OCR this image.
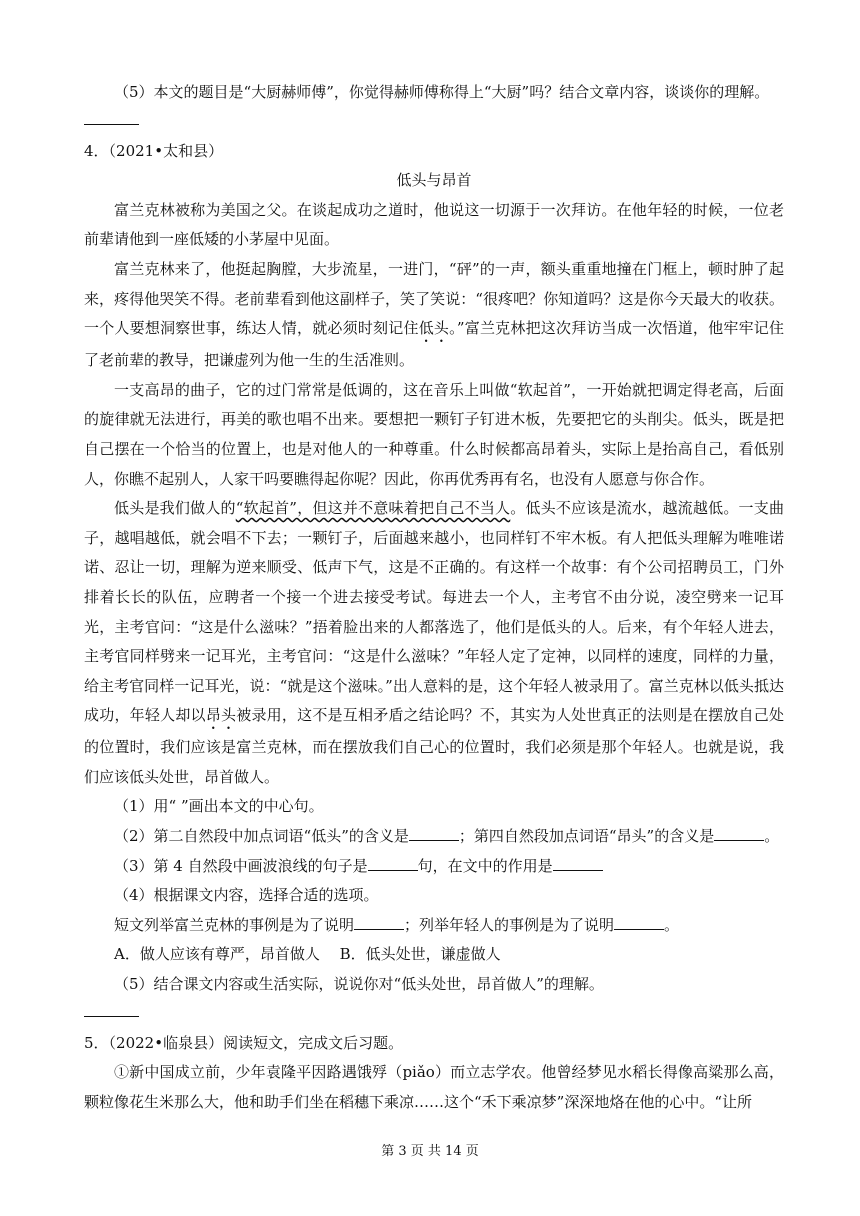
（5）本文的题目是“大厨赫师傅”，你觉得赫师傅称得上“大厨”吗？结合文章内容，谈谈你的理解。

4．（2021•太和县）

低头与昂首

富兰克林被称为美国之父。在谈起成功之道时，他说这一切源于一次拜访。在他年轻的时候，一位老前辈请他到一座低矮的小茅屋中见面。

富兰克林来了，他挺起胸膛，大步流星，一进门，“砰”的一声，额头重重地撞在门框上，顿时肿了起来，疼得他哭笑不得。老前辈看到他这副样子，笑了笑说：“很疼吧？你知道吗？这是你今天最大的收获。一个人要想洞察世事，练达人情，就必须时刻记住低头。”富兰克林把这次拜访当成一次悟道，他牢牢记住了老前辈的教导，把谦虚列为他一生的生活准则。

一支高昂的曲子，它的过门常常是低调的，这在音乐上叫做“软起首”，一开始就把调定得老高，后面的旋律就无法进行，再美的歌也唱不出来。要想把一颗钉子钉进木板，先要把它的头削尖。低头，既是把自己摆在一个恰当的位置上，也是对他人的一种尊重。什么时候都高昂着头，实际上是抬高自己，看低别人，你瞧不起别人，人家干吗要瞧得起你呢？因此，你再优秀再有名，也没有人愿意与你合作。

低头是我们做人的“软起首”，但这并不意味着把自己不当人。低头不应该是流水，越流越低。一支曲子，越唱越低，就会唱不下去；一颗钉子，后面越来越小，也同样钉不牢木板。有人把低头理解为唯唯诺诺、忍让一切，理解为逆来顺受、低声下气，这是不正确的。有这样一个故事：有个公司招聘员工，门外排着长长的队伍，应聘者一个接一个进去接受考试。每进去一个人，主考官不由分说，凌空劈来一记耳光，主考官问：“这是什么滋味？”捂着脸出来的人都落选了，他们是低头的人。后来，有个年轻人进去，主考官同样劈来一记耳光，主考官问：“这是什么滋味？”年轻人定了定神，以同样的速度，同样的力量，给主考官同样一记耳光，说：“就是这个滋味。”出人意料的是，这个年轻人被录用了。富兰克林以低头抵达成功，年轻人却以昂头被录用，这不是互相矛盾之结论吗？不，其实为人处世真正的法则是在摆放自己处的位置时，我们应该是富兰克林，而在摆放我们自己心的位置时，我们必须是那个年轻人。也就是说，我们应该低头处世，昂首做人。

（1）用“ ”画出本文的中心句。

（2）第二自然段中加点词语“低头”的含义是	；第四自然段加点词语“昂头”的含义是	。

（3）第 4 自然段中画波浪线的句子是	句，在文中的作用是

（4）根据课文内容，选择合适的选项。

短文列举富兰克林的事例是为了说明	；列举年轻人的事例是为了说明	。

A．做人应该有尊严，昂首做人　 B．低头处世，谦虚做人

（5）结合课文内容或生活实际，说说你对“低头处世，昂首做人”的理解。

5．（2022•临泉县）阅读短文，完成文后习题。

①新中国成立前，少年袁隆平因路遇饿殍（piǎo）而立志学农。他曾经梦见水稻长得像高粱那么高，颗粒像花生米那么大，他和助手们坐在稻穗下乘凉……这个“禾下乘凉梦”深深地烙在他的心中。“让所

第 3 页 共 14 页
